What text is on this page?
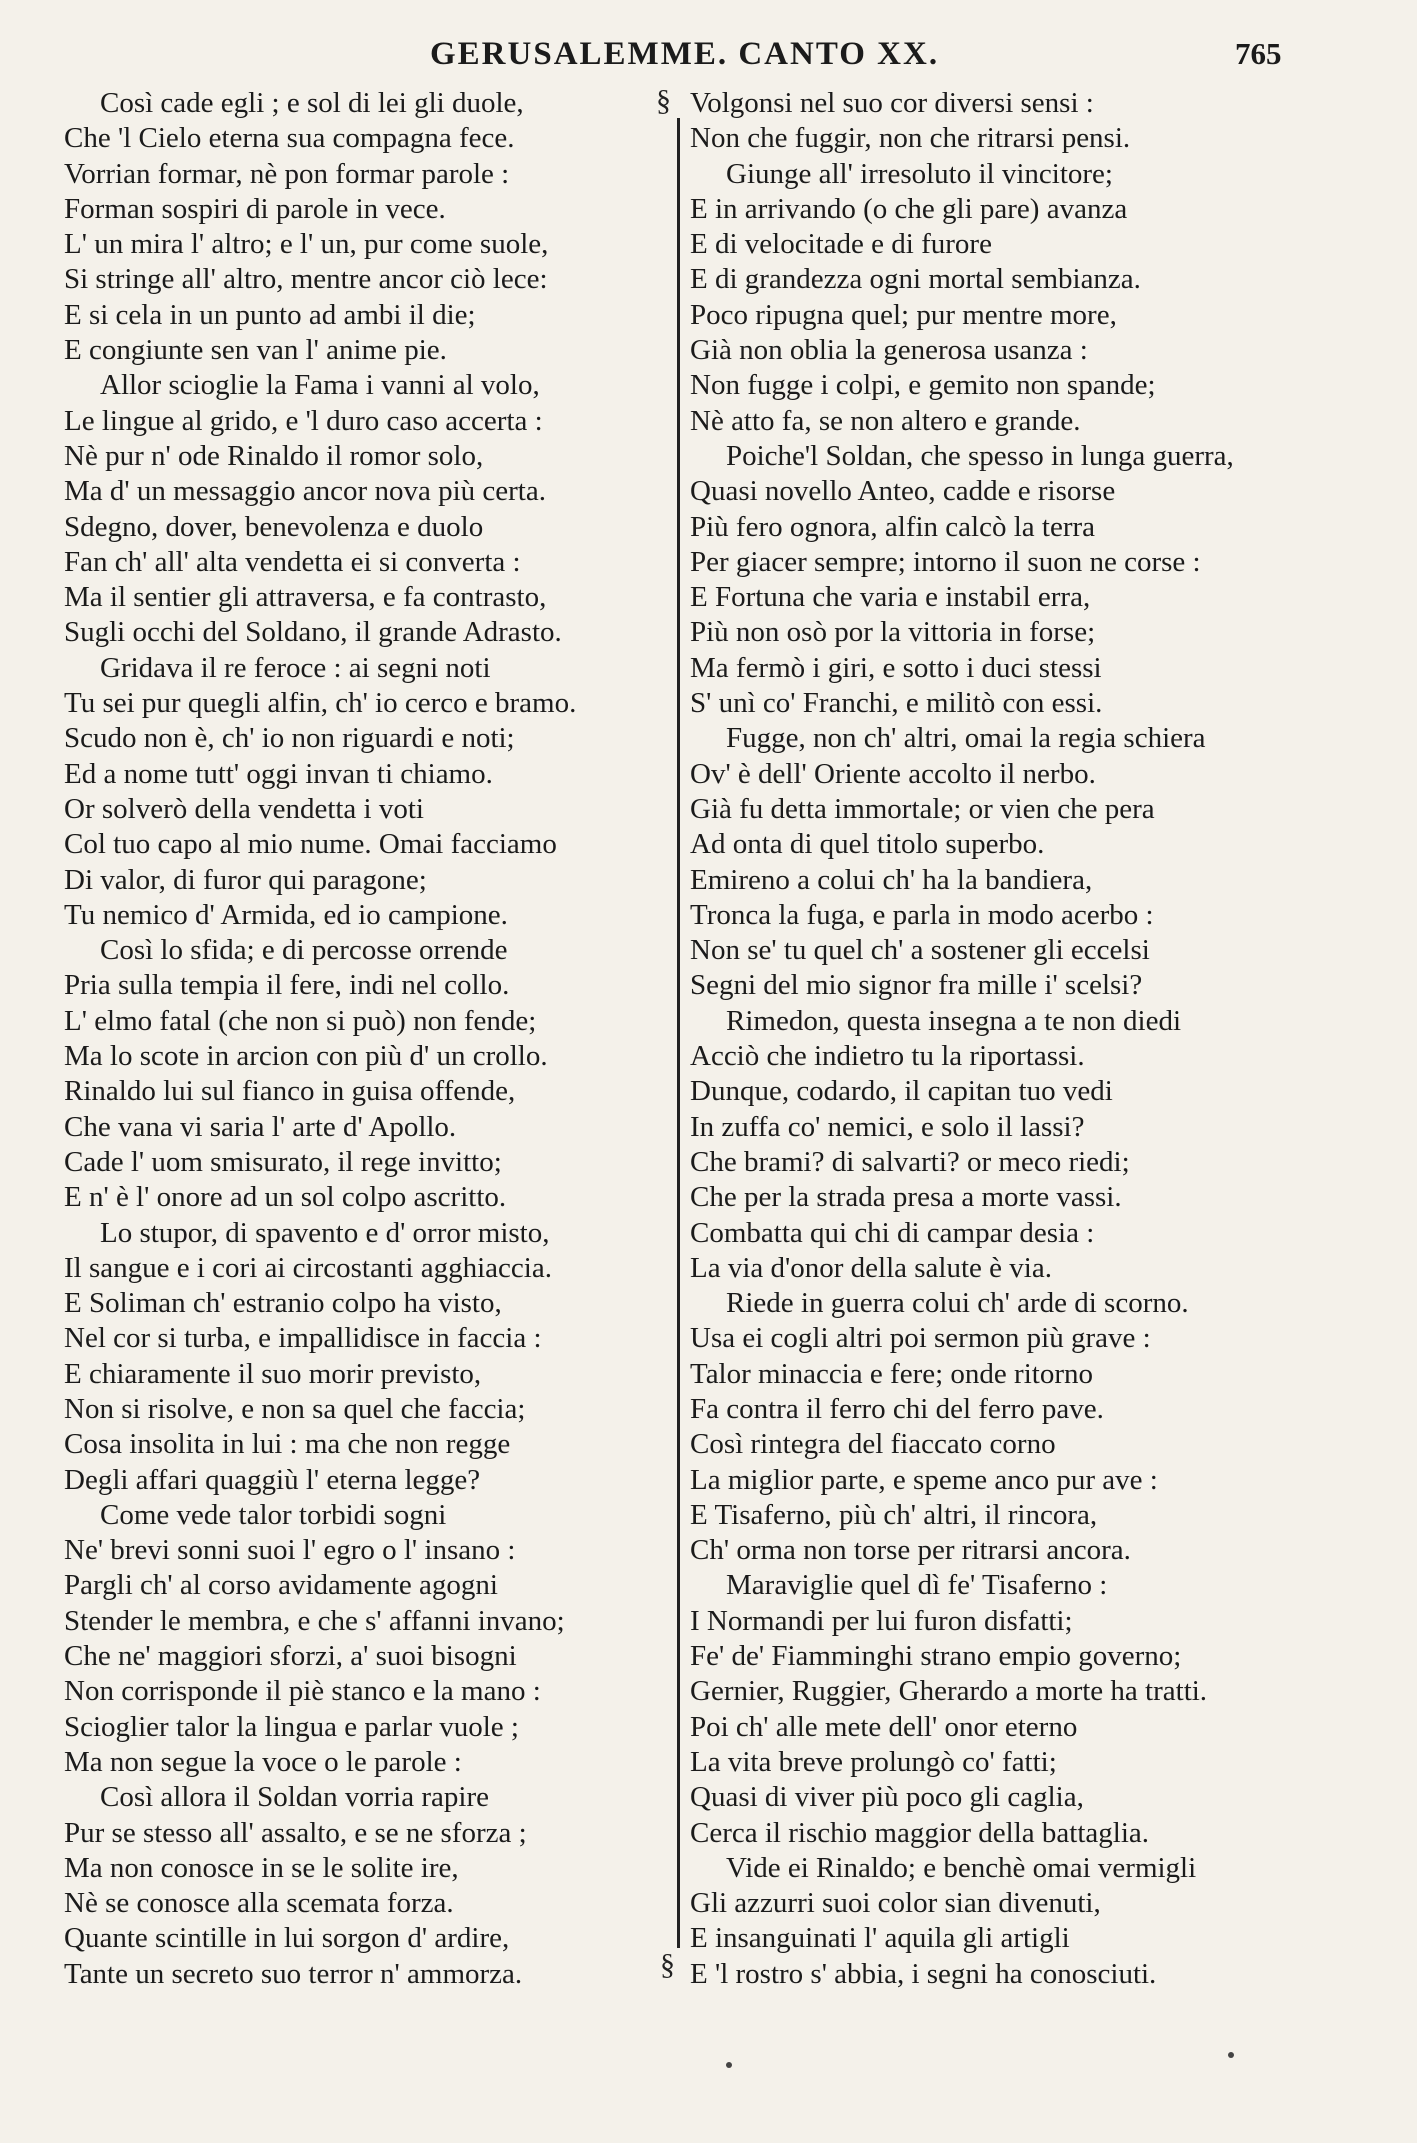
GERUSALEMME. CANTO XX.	765
§
§
Così cade egli ; e sol di lei gli duole,
Che 'l Cielo eterna sua compagna fece.
Vorrian formar, nè pon formar parole :
Forman sospiri di parole in vece.
L' un mira l' altro; e l' un, pur come suole,
Si stringe all' altro, mentre ancor ciò lece:
E si cela in un punto ad ambi il die;
E congiunte sen van l' anime pie.
Allor scioglie la Fama i vanni al volo,
Le lingue al grido, e 'l duro caso accerta :
Nè pur n' ode Rinaldo il romor solo,
Ma d' un messaggio ancor nova più certa.
Sdegno, dover, benevolenza e duolo
Fan ch' all' alta vendetta ei si converta :
Ma il sentier gli attraversa, e fa contrasto,
Sugli occhi del Soldano, il grande Adrasto.
Gridava il re feroce : ai segni noti
Tu sei pur quegli alfin, ch' io cerco e bramo.
Scudo non è, ch' io non riguardi e noti;
Ed a nome tutt' oggi invan ti chiamo.
Or solverò della vendetta i voti
Col tuo capo al mio nume. Omai facciamo
Di valor, di furor qui paragone;
Tu nemico d' Armida, ed io campione.
Così lo sfida; e di percosse orrende
Pria sulla tempia il fere, indi nel collo.
L' elmo fatal (che non si può) non fende;
Ma lo scote in arcion con più d' un crollo.
Rinaldo lui sul fianco in guisa offende,
Che vana vi saria l' arte d' Apollo.
Cade l' uom smisurato, il rege invitto;
E n' è l' onore ad un sol colpo ascritto.
Lo stupor, di spavento e d' orror misto,
Il sangue e i cori ai circostanti agghiaccia.
E Soliman ch' estranio colpo ha visto,
Nel cor si turba, e impallidisce in faccia :
E chiaramente il suo morir previsto,
Non si risolve, e non sa quel che faccia;
Cosa insolita in lui : ma che non regge
Degli affari quaggiù l' eterna legge?
Come vede talor torbidi sogni
Ne' brevi sonni suoi l' egro o l' insano :
Pargli ch' al corso avidamente agogni
Stender le membra, e che s' affanni invano;
Che ne' maggiori sforzi, a' suoi bisogni
Non corrisponde il piè stanco e la mano :
Scioglier talor la lingua e parlar vuole ;
Ma non segue la voce o le parole :
Così allora il Soldan vorria rapire
Pur se stesso all' assalto, e se ne sforza ;
Ma non conosce in se le solite ire,
Nè se conosce alla scemata forza.
Quante scintille in lui sorgon d' ardire,
Tante un secreto suo terror n' ammorza.
Volgonsi nel suo cor diversi sensi :
Non che fuggir, non che ritrarsi pensi.
Giunge all' irresoluto il vincitore;
E in arrivando (o che gli pare) avanza
E di velocitade e di furore
E di grandezza ogni mortal sembianza.
Poco ripugna quel; pur mentre more,
Già non oblia la generosa usanza :
Non fugge i colpi, e gemito non spande;
Nè atto fa, se non altero e grande.
Poiche'l Soldan, che spesso in lunga guerra,
Quasi novello Anteo, cadde e risorse
Più fero ognora, alfin calcò la terra
Per giacer sempre; intorno il suon ne corse :
E Fortuna che varia e instabil erra,
Più non osò por la vittoria in forse;
Ma fermò i giri, e sotto i duci stessi
S' unì co' Franchi, e militò con essi.
Fugge, non ch' altri, omai la regia schiera
Ov' è dell' Oriente accolto il nerbo.
Già fu detta immortale; or vien che pera
Ad onta di quel titolo superbo.
Emireno a colui ch' ha la bandiera,
Tronca la fuga, e parla in modo acerbo :
Non se' tu quel ch' a sostener gli eccelsi
Segni del mio signor fra mille i' scelsi?
Rimedon, questa insegna a te non diedi
Acciò che indietro tu la riportassi.
Dunque, codardo, il capitan tuo vedi
In zuffa co' nemici, e solo il lassi?
Che brami? di salvarti? or meco riedi;
Che per la strada presa a morte vassi.
Combatta qui chi di campar desia :
La via d'onor della salute è via.
Riede in guerra colui ch' arde di scorno.
Usa ei cogli altri poi sermon più grave :
Talor minaccia e fere; onde ritorno
Fa contra il ferro chi del ferro pave.
Così rintegra del fiaccato corno
La miglior parte, e speme anco pur ave :
E Tisaferno, più ch' altri, il rincora,
Ch' orma non torse per ritrarsi ancora.
Maraviglie quel dì fe' Tisaferno :
I Normandi per lui furon disfatti;
Fe' de' Fiamminghi strano empio governo;
Gernier, Ruggier, Gherardo a morte ha tratti.
Poi ch' alle mete dell' onor eterno
La vita breve prolungò co' fatti;
Quasi di viver più poco gli caglia,
Cerca il rischio maggior della battaglia.
Vide ei Rinaldo; e benchè omai vermigli
Gli azzurri suoi color sian divenuti,
E insanguinati l' aquila gli artigli
E 'l rostro s' abbia, i segni ha conosciuti.
